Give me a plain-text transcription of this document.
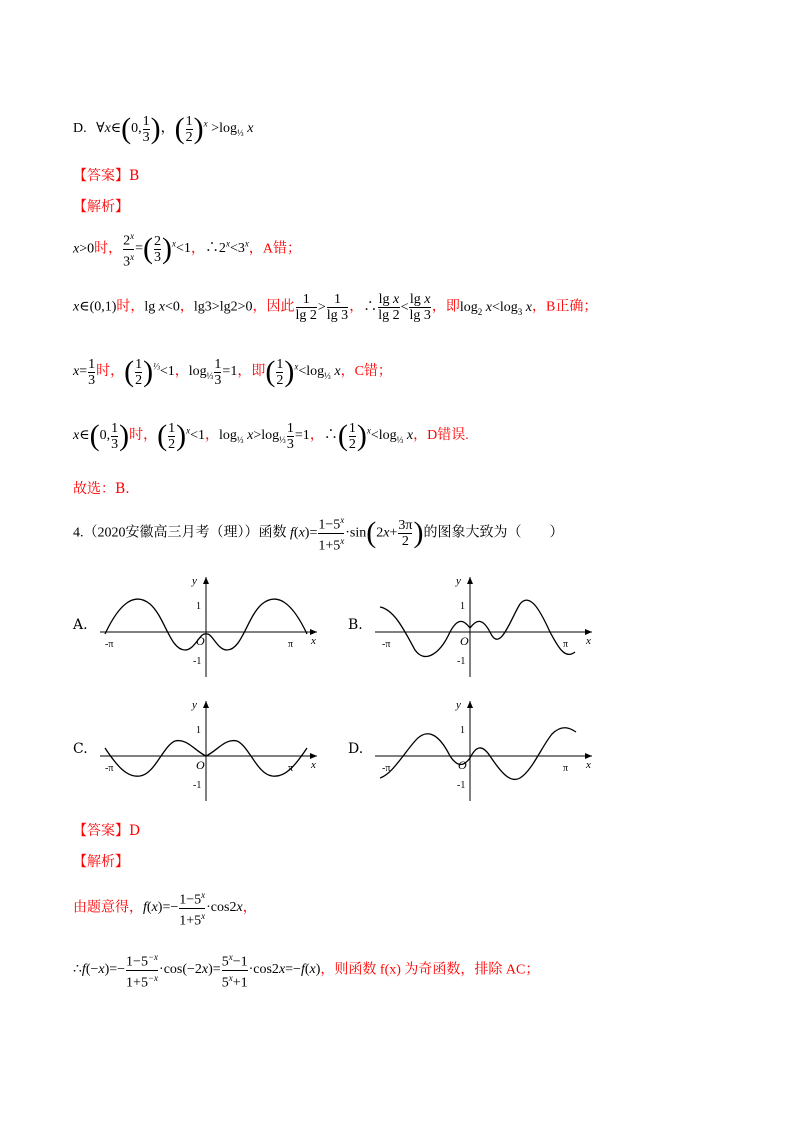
D. ∀x∈(0, $\frac{1}{3}$ )，( $\frac{1}{2} )^x >\log_{\frac{1}{3}}$ x
【答案】B
【解析】
x>0时， $\frac{2^x}{3^x}$ =( $\frac{2}{3} )^x<1$，$\therefore 2^x<3^x$，A错；
x∈(0,1)时，lg x<0，lg3>lg2>0，因此 $\frac{1}{\lg 2} > \frac{1}{\lg 3}$ ，∴ $\frac{\text{lg x}}{\lg 2} < \frac{\text{lg x}}{\lg 3}$ ，即$\log_2 x<\log_3$ x，B正确；
$x= \frac{1}{3}$ 时，( $\frac{1}{2} )^{\frac{1}{3}}<1$，$\log_{\frac{1}{3}} \frac{1}{3} =1$，即( $\frac{1}{2} )^x<\log_{\frac{1}{3}}$ x，C错；
x∈(0, $\frac{1}{3}$ )时，( $\frac{1}{2} )^x<1$，$\log_{\frac{1}{3}} x>\log_{\frac{1}{3}} \frac{1}{3} =1$，∴( $\frac{1}{2} )^x<\log_{\frac{1}{3}}$ x，D错误.
故选：B.
4.（2020安徽高三月考（理））函数 $f(x)= \frac{1-5^x}{1+5^x} \cdot\sin(2x+ \frac{3\pi}{2}$ )的图象大致为（　　）
A.	B.
C.	D.
x
y
O
1
-1
-π	π	x
y
O
1
-1
-π	π
x
y
O
1
-1
-π	π	x
y
O
1
-1
-π	π
【答案】D
【解析】
由题意得，$f(x)=- \frac{1-5^x}{1+5^x} \cdot\cos 2x$，
∴f(−x)=− $\frac{1-5^{-x}}{1+5^{-x}} \cdot\cos(-2x)= \frac{5^x-1}{5^x+1} \cdot\cos 2x=-f(x)$，则函数 f(x) 为奇函数，排除 AC；
